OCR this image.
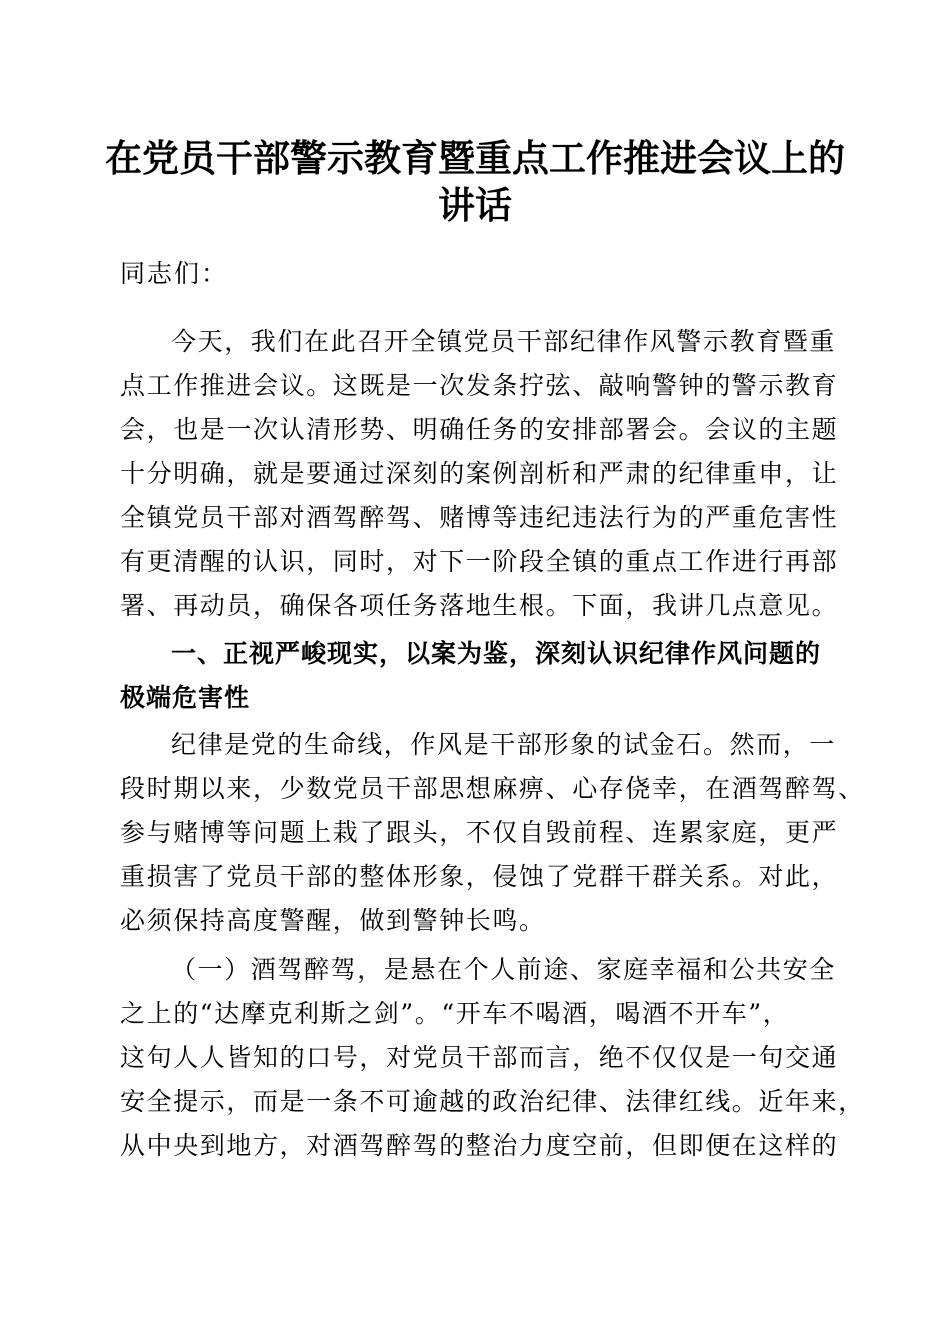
在党员干部警示教育暨重点工作推进会议上的
讲话

同志们：

今天，我们在此召开全镇党员干部纪律作风警示教育暨重

点工作推进会议。这既是一次发条拧弦、敲响警钟的警示教育

会，也是一次认清形势、明确任务的安排部署会。会议的主题

十分明确，就是要通过深刻的案例剖析和严肃的纪律重申，让

全镇党员干部对酒驾醉驾、赌博等违纪违法行为的严重危害性

有更清醒的认识，同时，对下一阶段全镇的重点工作进行再部

署、再动员，确保各项任务落地生根。下面，我讲几点意见。

一、正视严峻现实，以案为鉴，深刻认识纪律作风问题的

极端危害性

纪律是党的生命线，作风是干部形象的试金石。然而，一

段时期以来，少数党员干部思想麻痹、心存侥幸，在酒驾醉驾、

参与赌博等问题上栽了跟头，不仅自毁前程、连累家庭，更严

重损害了党员干部的整体形象，侵蚀了党群干群关系。对此，

必须保持高度警醒，做到警钟长鸣。

（一）酒驾醉驾，是悬在个人前途、家庭幸福和公共安全

之上的“达摩克利斯之剑”。“开车不喝酒，喝酒不开车”，

这句人人皆知的口号，对党员干部而言，绝不仅仅是一句交通

安全提示，而是一条不可逾越的政治纪律、法律红线。近年来，

从中央到地方，对酒驾醉驾的整治力度空前，但即便在这样的
